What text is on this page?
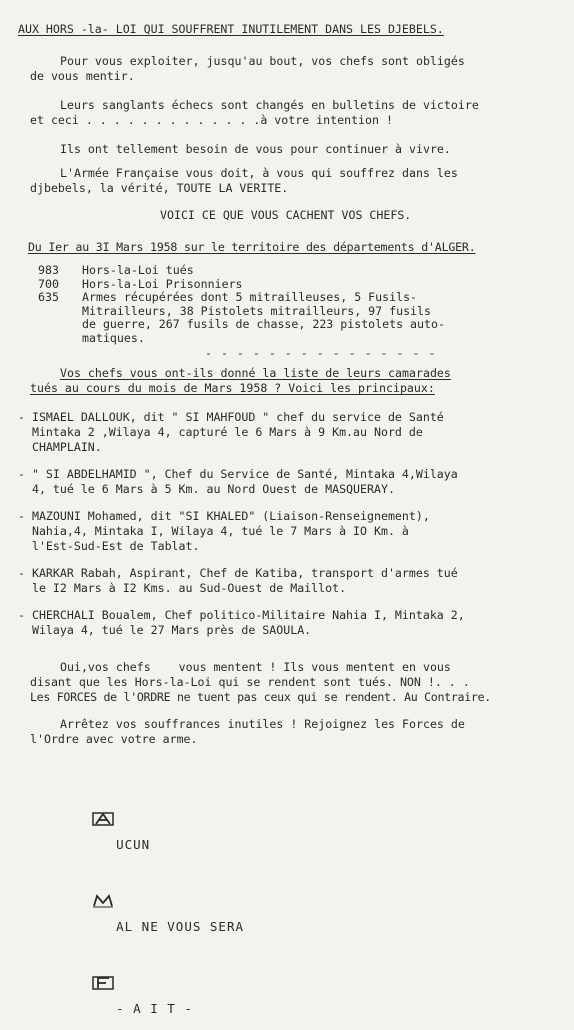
AUX HORS -la- LOI QUI SOUFFRENT INUTILEMENT DANS LES DJEBELS.
Pour vous exploiter, jusqu'au bout, vos chefs sont obligés
de vous mentir.
Leurs sanglants échecs sont changés en bulletins de victoire
et ceci . . . . . . . . . . . . .à votre intention !
Ils ont tellement besoin de vous pour continuer à vivre.
L'Armée Française vous doit, à vous qui souffrez dans les
djbebels, la vérité, TOUTE LA VERITE.
VOICI CE QUE VOUS CACHENT VOS CHEFS.
Du Ier au 3I Mars 1958 sur le territoire des départements d'ALGER.
983	Hors-la-Loi tués
700	Hors-la-Loi Prisonniers
635	Armes récupérées dont 5 mitrailleuses, 5 Fusils-
Mitrailleurs, 38 Pistolets mitrailleurs, 97 fusils
de guerre, 267 fusils de chasse, 223 pistolets auto-
matiques.
- - - - - - - - - - - - - - -
Vos chefs vous ont-ils donné la liste de leurs camarades
tués au cours du mois de Mars 1958 ? Voici les principaux:
- ISMAEL DALLOUK, dit " SI MAHFOUD " chef du service de Santé
Mintaka 2 ,Wilaya 4, capturé le 6 Mars à 9 Km.au Nord de
CHAMPLAIN.
- " SI ABDELHAMID ", Chef du Service de Santé, Mintaka 4,Wilaya
4, tué le 6 Mars à 5 Km. au Nord Ouest de MASQUERAY.
- MAZOUNI Mohamed, dit "SI KHALED" (Liaison-Renseignement),
Nahia,4, Mintaka I, Wilaya 4, tué le 7 Mars à IO Km. à
l'Est-Sud-Est de Tablat.
- KARKAR Rabah, Aspirant, Chef de Katiba, transport d'armes tué
le I2 Mars à I2 Kms. au Sud-Ouest de Maillot.
- CHERCHALI Boualem, Chef politico-Militaire Nahia I, Mintaka 2,
Wilaya 4, tué le 27 Mars près de SAOULA.
Oui,vos chefs    vous mentent ! Ils vous mentent en vous
disant que les Hors-la-Loi qui se rendent sont tués. NON !. . .
Les FORCES de l'ORDRE ne tuent pas ceux qui se rendent. Au Contraire.
Arrêtez vos souffrances inutiles ! Rejoignez les Forces de
l'Ordre avec votre arme.

UCUN

AL NE VOUS SERA

- A I T -
